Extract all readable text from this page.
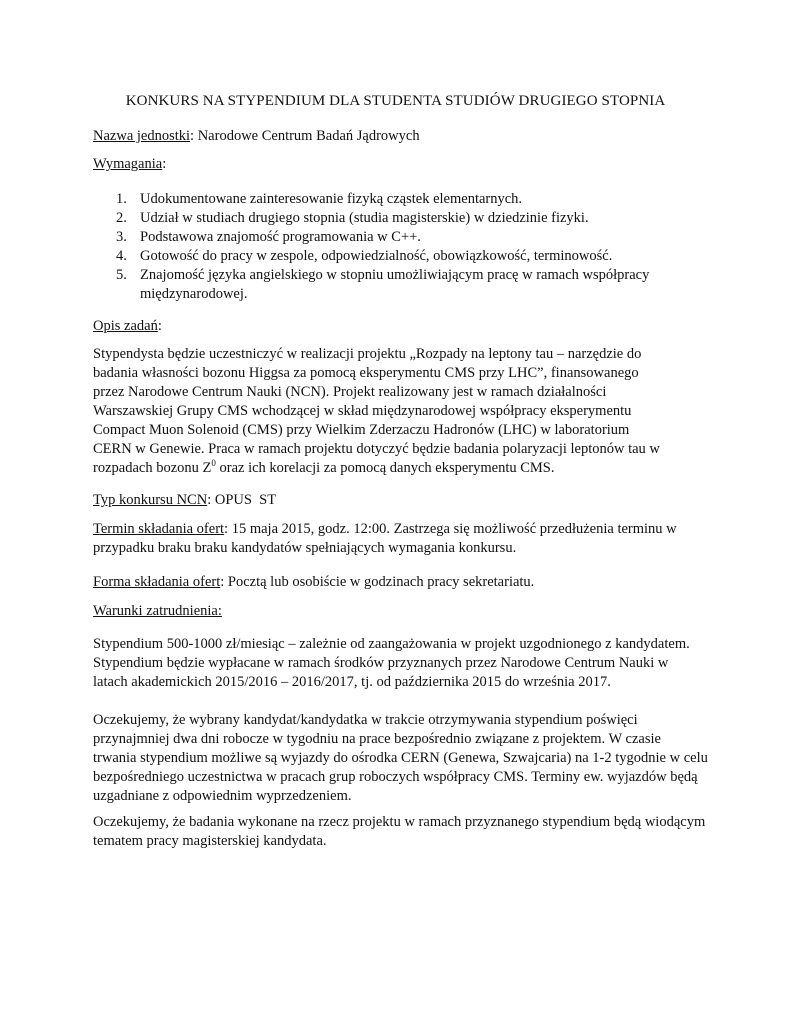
KONKURS NA STYPENDIUM DLA STUDENTA STUDIÓW DRUGIEGO STOPNIA
Nazwa jednostki: Narodowe Centrum Badań Jądrowych
Wymagania:
1. Udokumentowane zainteresowanie fizyką cząstek elementarnych.
2. Udział w studiach drugiego stopnia (studia magisterskie) w dziedzinie fizyki.
3. Podstawowa znajomość programowania w C++.
4. Gotowość do pracy w zespole, odpowiedzialność, obowiązkowość, terminowość.
5. Znajomość języka angielskiego w stopniu umożliwiającym pracę w ramach współpracy międzynarodowej.
Opis zadań:

Stypendysta będzie uczestniczyć w realizacji projektu „Rozpady na leptony tau – narzędzie do badania własności bozonu Higgsa za pomocą eksperymentu CMS przy LHC”, finansowanego przez Narodowe Centrum Nauki (NCN). Projekt realizowany jest w ramach działalności Warszawskiej Grupy CMS wchodzącej w skład międzynarodowej współpracy eksperymentu Compact Muon Solenoid (CMS) przy Wielkim Zderzaczu Hadronów (LHC) w laboratorium CERN w Genewie. Praca w ramach projektu dotyczyć będzie badania polaryzacji leptonów tau w rozpadach bozonu $Z^0$ oraz ich korelacji za pomocą danych eksperymentu CMS.

Typ konkursu NCN: OPUS  ST

Termin składania ofert: 15 maja 2015, godz. 12:00. Zastrzega się możliwość przedłużenia terminu w przypadku braku braku kandydatów spełniających wymagania konkursu.

Forma składania ofert: Pocztą lub osobiście w godzinach pracy sekretariatu.
Warunki zatrudnienia:

Stypendium 500-1000 zł/miesiąc – zależnie od zaangażowania w projekt uzgodnionego z kandydatem. Stypendium będzie wypłacane w ramach środków przyznanych przez Narodowe Centrum Nauki w latach akademickich 2015/2016 – 2016/2017, tj. od października 2015 do września 2017.

Oczekujemy, że wybrany kandydat/kandydatka w trakcie otrzymywania stypendium poświęci przynajmniej dwa dni robocze w tygodniu na prace bezpośrednio związane z projektem. W czasie trwania stypendium możliwe są wyjazdy do ośrodka CERN (Genewa, Szwajcaria) na 1-2 tygodnie w celu bezpośredniego uczestnictwa w pracach grup roboczych współpracy CMS. Terminy ew. wyjazdów będą uzgadniane z odpowiednim wyprzedzeniem.

Oczekujemy, że badania wykonane na rzecz projektu w ramach przyznanego stypendium będą wiodącym tematem pracy magisterskiej kandydata.
